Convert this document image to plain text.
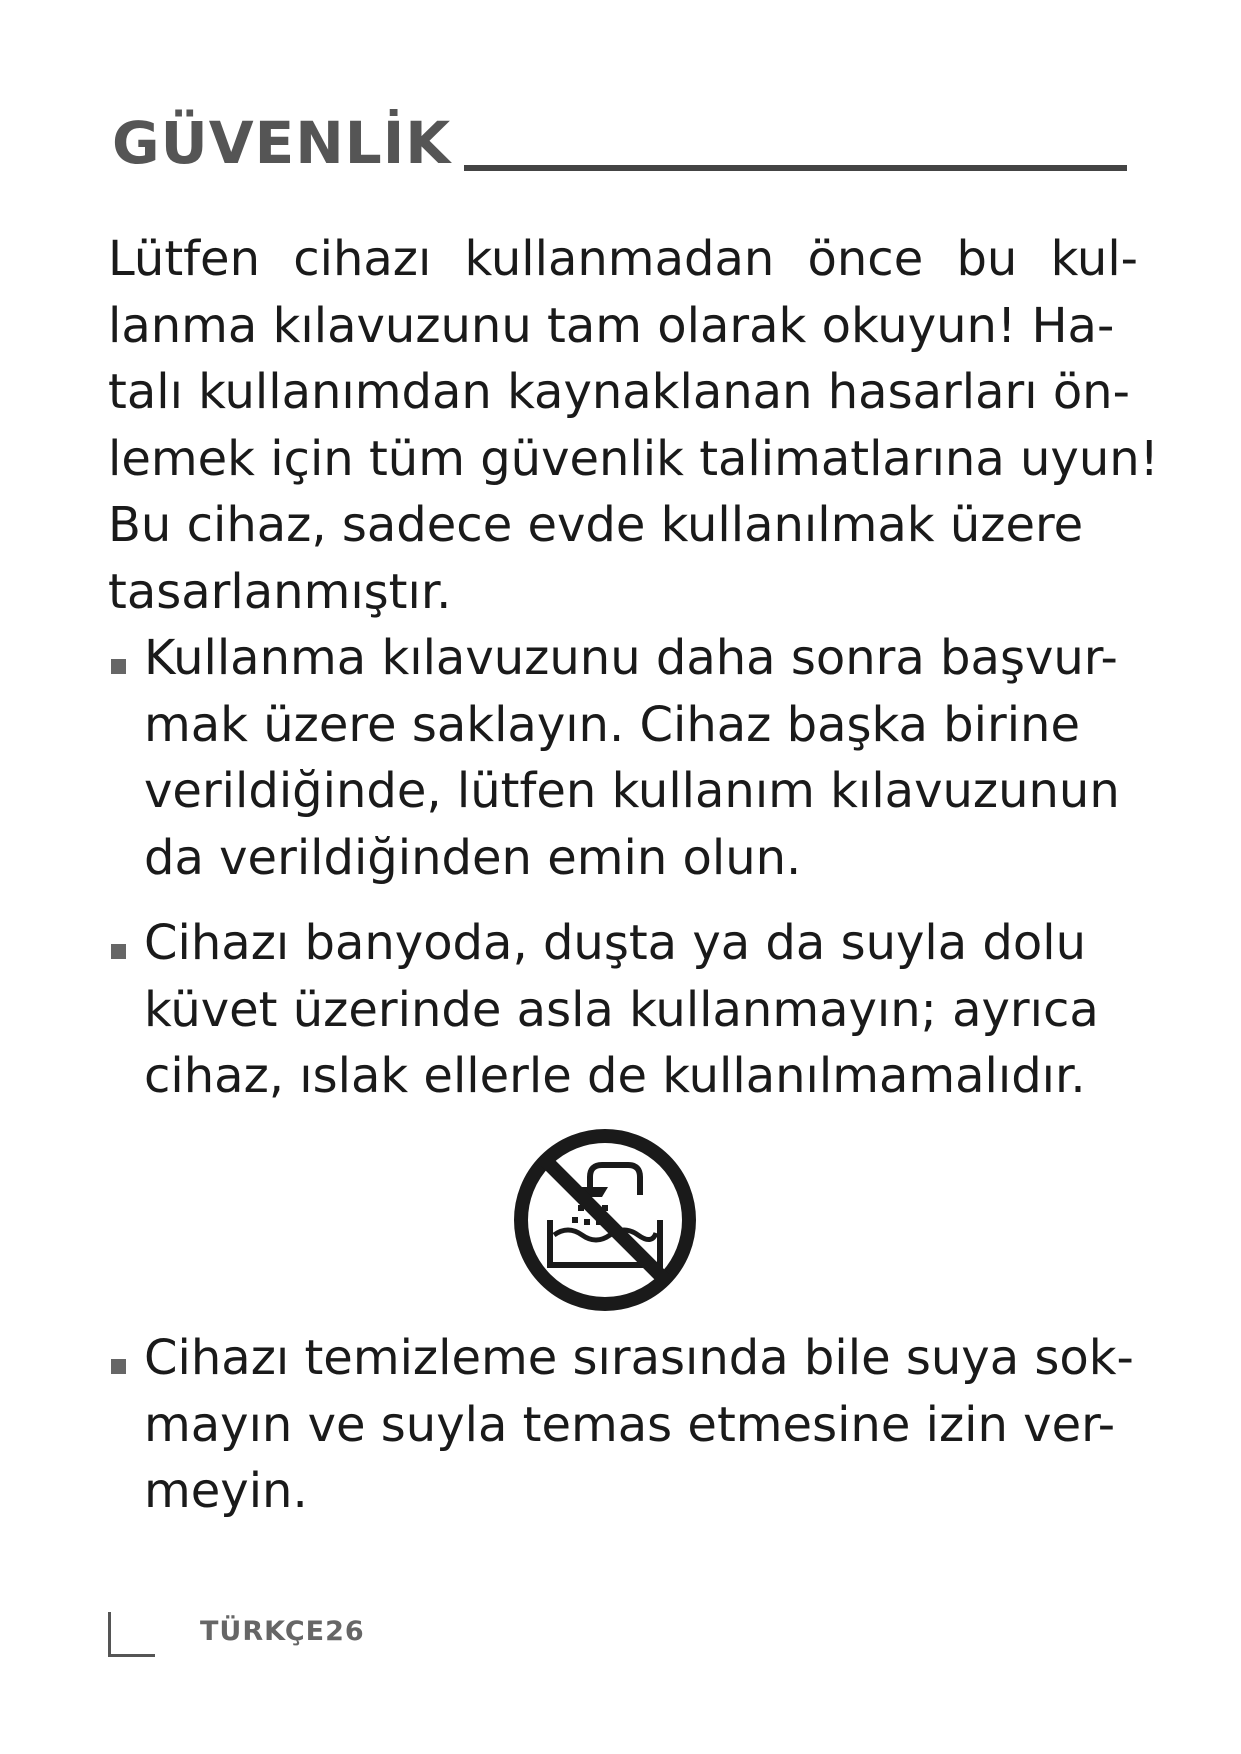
GÜVENLİK
Lütfen cihazı kullanmadan önce bu kul-
lanma kılavuzunu tam olarak okuyun! Ha-
talı kullanımdan kaynaklanan hasarları ön-
lemek için tüm güvenlik talimatlarına uyun!
Bu cihaz, sadece evde kullanılmak üzere
tasarlanmıştır.
Kullanma kılavuzunu daha sonra başvur-
mak üzere saklayın. Cihaz başka birine
verildiğinde, lütfen kullanım kılavuzunun
da verildiğinden emin olun.
Cihazı banyoda, duşta ya da suyla dolu
küvet üzerinde asla kullanmayın; ayrıca
cihaz, ıslak ellerle de kullanılmamalıdır.
Cihazı temizleme sırasında bile suya sok-
mayın ve suyla temas etmesine izin ver-
meyin.
TÜRKÇE26
